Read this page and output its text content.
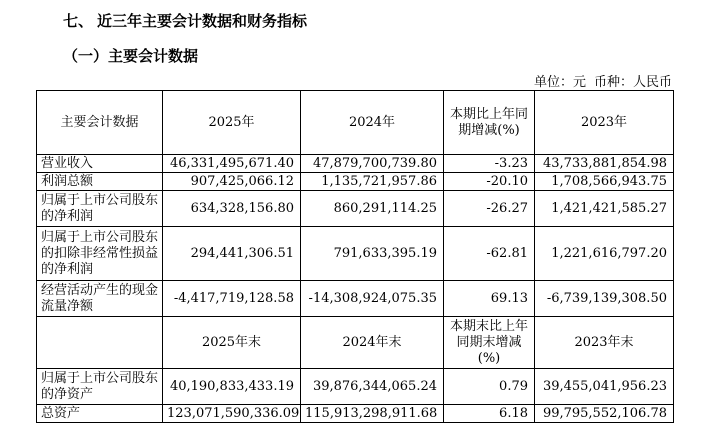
七、 近三年主要会计数据和财务指标
（一）主要会计数据
单位：元 币种：人民币
主要会计数据	2025年	2024年	本期比上年同期增减(%)	2023年
营业收入	46,331,495,671.40	47,879,700,739.80	-3.23	43,733,881,854.98
利润总额	907,425,066.12	1,135,721,957.86	-20.10	1,708,566,943.75
归属于上市公司股东的净利润	634,328,156.80	860,291,114.25	-26.27	1,421,421,585.27
归属于上市公司股东的扣除非经常性损益的净利润	294,441,306.51	791,633,395.19	-62.81	1,221,616,797.20
经营活动产生的现金流量净额	-4,417,719,128.58	-14,308,924,075.35	69.13	-6,739,139,308.50
	2025年末	2024年末	本期末比上年同期末增减(%)	2023年末
归属于上市公司股东的净资产	40,190,833,433.19	39,876,344,065.24	0.79	39,455,041,956.23
总资产	123,071,590,336.09	115,913,298,911.68	6.18	99,795,552,106.78
